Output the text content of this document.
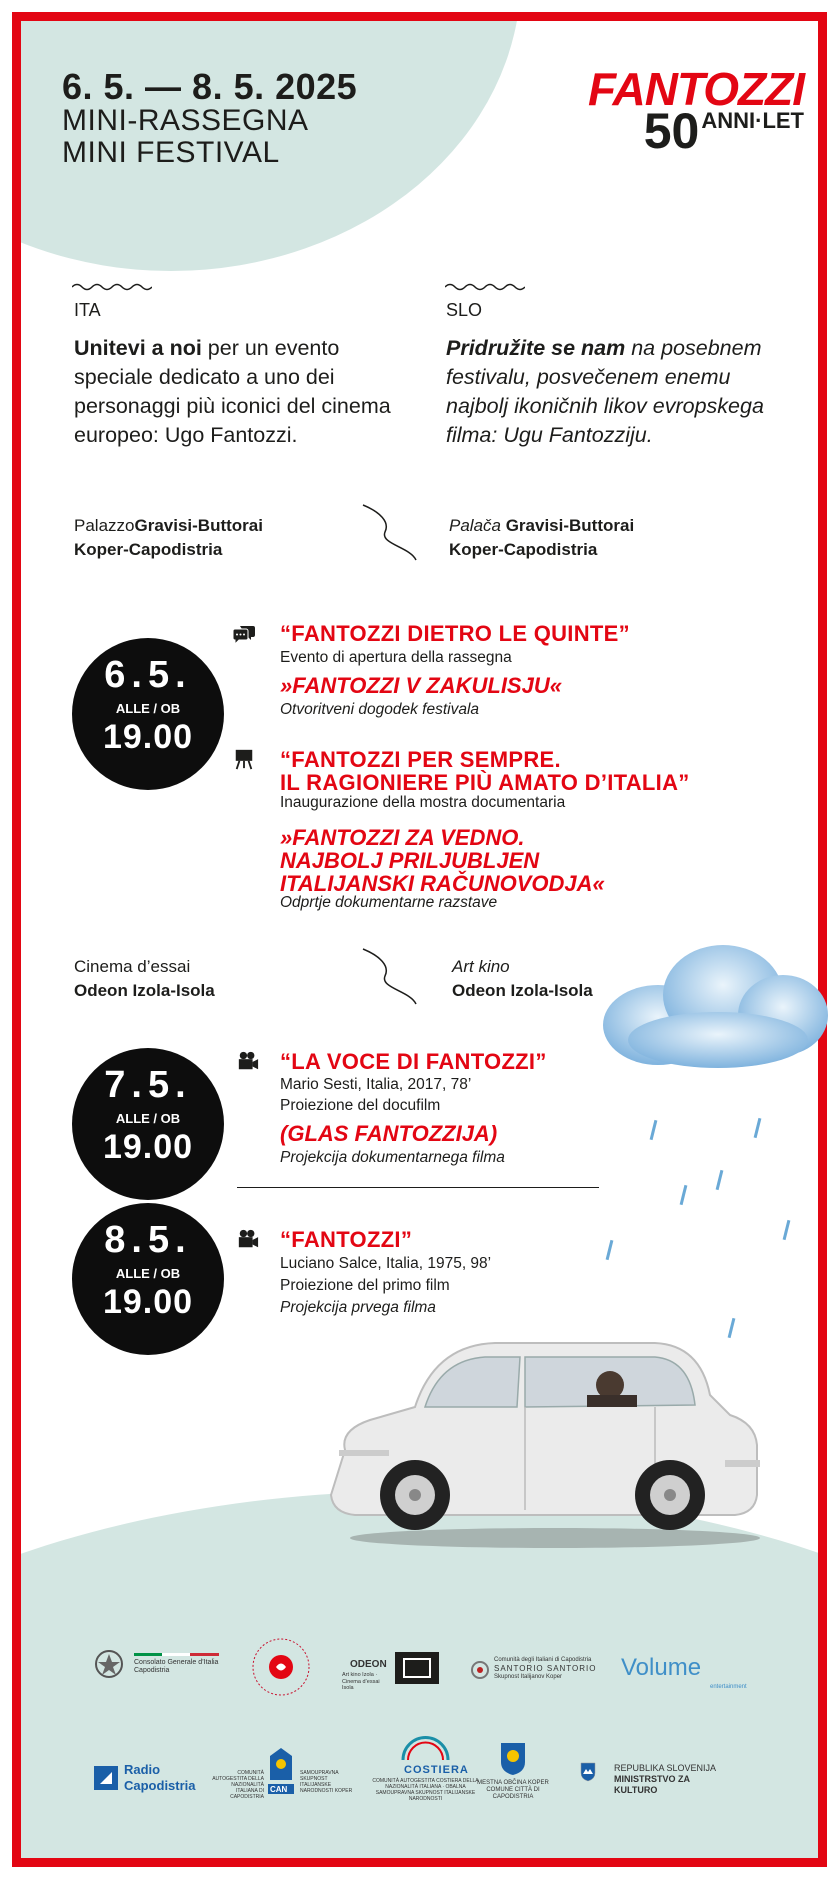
6. 5. — 8. 5. 2025
MINI-RASSEGNA
MINI FESTIVAL
FANTOZZI
50 ANNI·LET
ITA
Unitevi a noi per un evento speciale dedicato a uno dei personaggi più iconici del cinema europeo: Ugo Fantozzi.
SLO
Pridružite se nam na posebnem festivalu, posvečenem enemu najbolj ikoničnih likov evropskega filma: Ugu Fantozziju.
PalazzoGravisi-Buttorai
Koper-Capodistria
Palača Gravisi-Buttorai
Koper-Capodistria
6.5.
ALLE / OB
19.00
“FANTOZZI DIETRO LE QUINTE”
Evento di apertura della rassegna
»FANTOZZI V ZAKULISJU«
Otvoritveni dogodek festivala
“FANTOZZI PER SEMPRE.
IL RAGIONIERE PIÙ AMATO D’ITALIA”
Inaugurazione della mostra documentaria
»FANTOZZI ZA VEDNO.
NAJBOLJ PRILJUBLJEN
ITALIJANSKI RAČUNOVODJA«
Odprtje dokumentarne razstave
Cinema d’essai
Odeon Izola-Isola
Art kino
Odeon Izola-Isola
7.5.
ALLE / OB
19.00
“LA VOCE DI FANTOZZI”
Mario Sesti, Italia, 2017, 78’
Proiezione del docufilm
(GLAS FANTOZZIJA)
Projekcija dokumentarnega filma
8.5.
ALLE / OB
19.00
“FANTOZZI”
Luciano Salce, Italia, 1975, 98’
Proiezione del primo film
Projekcija prvega filma
Consolato Generale d’Italia Capodistria
ODEON
Art kino Izola · Cinema d’essai Isola
Comunità degli Italiani di Capodistria
SANTORIO SANTORIO
Skupnost Italijanov Koper	Volume
entertainment
Radio
Capodistria
COMUNITÀ AUTOGESTITA DELLA NAZIONALITÀ ITALIANA DI CAPODISTRIA
CAN
SAMOUPRAVNA SKUPNOST ITALIJANSKE NARODNOSTI KOPER
COSTIERA
COMUNITÀ AUTOGESTITA COSTIERA DELLA NAZIONALITÀ ITALIANA · OBALNA SAMOUPRAVNA SKUPNOST ITALIJANSKE NARODNOSTI
MESTNA OBČINA KOPER
COMUNE CITTÀ DI CAPODISTRIA
REPUBLIKA SLOVENIJA
MINISTRSTVO ZA KULTURO
